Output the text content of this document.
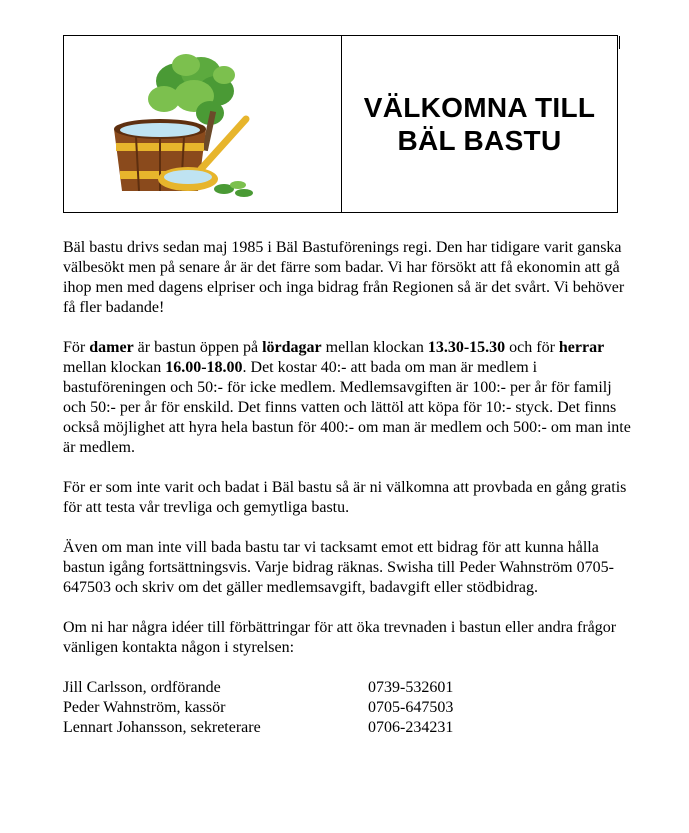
VÄLKOMNA TILL
BÄL BASTU

Bäl bastu drivs sedan maj 1985 i Bäl Bastuförenings regi. Den har tidigare varit ganska välbesökt men på senare år är det färre som badar. Vi har försökt att få ekonomin att gå ihop men med dagens elpriser och inga bidrag från Regionen så är det svårt. Vi behöver få fler badande!

För damer är bastun öppen på lördagar mellan klockan 13.30-15.30 och för herrar mellan klockan 16.00-18.00. Det kostar 40:- att bada om man är medlem i bastuföreningen och 50:- för icke medlem. Medlemsavgiften är 100:- per år för familj och 50:- per år för enskild. Det finns vatten och lättöl att köpa för 10:- styck. Det finns också möjlighet att hyra hela bastun för 400:- om man är medlem och 500:- om man inte är medlem.

För er som inte varit och badat i Bäl bastu så är ni välkomna att provbada en gång gratis för att testa vår trevliga och gemytliga bastu.

Även om man inte vill bada bastu tar vi tacksamt emot ett bidrag för att kunna hålla bastun igång fortsättningsvis. Varje bidrag räknas. Swisha till Peder Wahnström 0705-647503 och skriv om det gäller medlemsavgift, badavgift eller stödbidrag.

Om ni har några idéer till förbättringar för att öka trevnaden i bastun eller andra frågor vänligen kontakta någon i styrelsen:

Jill Carlsson, ordförande	0739-532601
Peder Wahnström, kassör	0705-647503
Lennart Johansson, sekreterare	0706-234231
